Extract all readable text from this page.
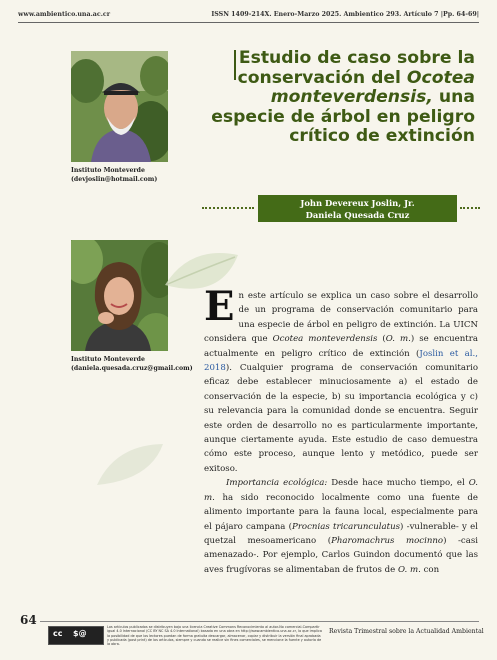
www.ambientico.una.ac.cr	ISSN 1409-214X. Enero-Marzo 2025. Ambientico 293. Artículo 7 |Pp. 64-69|
Instituto Monteverde
(devjoslin@hotmail.com)
Instituto Monteverde
(daniela.quesada.cruz@gmail.com)
Estudio de caso sobre la
conservación del Ocotea
monteverdensis, una
especie de árbol en peligro
crítico de extinción
John Devereux Joslin, Jr.
Daniela Quesada Cruz

En este artículo se explica un caso sobre el desarrollo de un programa de conservación comunitario para una especie de árbol en peligro de extinción. La UICN considera que Ocotea monteverdensis (O. m.) se encuentra actualmente en peligro crítico de extinción (Joslin et al., 2018). Cualquier programa de conservación comunitario eficaz debe establecer minuciosamente a) el estado de conservación de la especie, b) su importancia ecológica y c) su relevancia para la comunidad donde se encuentra. Seguir este orden de desarrollo no es particularmente importante, aunque ciertamente ayuda. Este estudio de caso demuestra cómo este proceso, aunque lento y metódico, puede ser exitoso.

Importancia ecológica: Desde hace mucho tiempo, el O. m. ha sido reconocido localmente como una fuente de alimento importante para la fauna local, especialmente para el pájaro campana (Procnias tricarunculatus) -vulnerable- y el quetzal mesoamericano (Pharomachrus mocinno) -casi amenazado-. Por ejemplo, Carlos Guindon documentó que las aves frugívoras se alimentaban de frutos de O. m. con

64
cc $@
Los artículos publicados se distribuyen bajo una licencia Creative Commons Reconocimiento al autor-No comercial-Compartir igual 4.0 Internacional (CC BY NC SA 4.0 International) basada en una obra en http://www.ambientico.una.ac.cr, lo que implica la posibilidad de que los lectores puedan de forma gratuita descargar, almacenar, copiar y distribuir la versión final aprobada y publicada (post print) de los artículos, siempre y cuando se realice sin fines comerciales, se mencione la fuente y autoría de la obra.
Revista Trimestral sobre la Actualidad Ambiental
